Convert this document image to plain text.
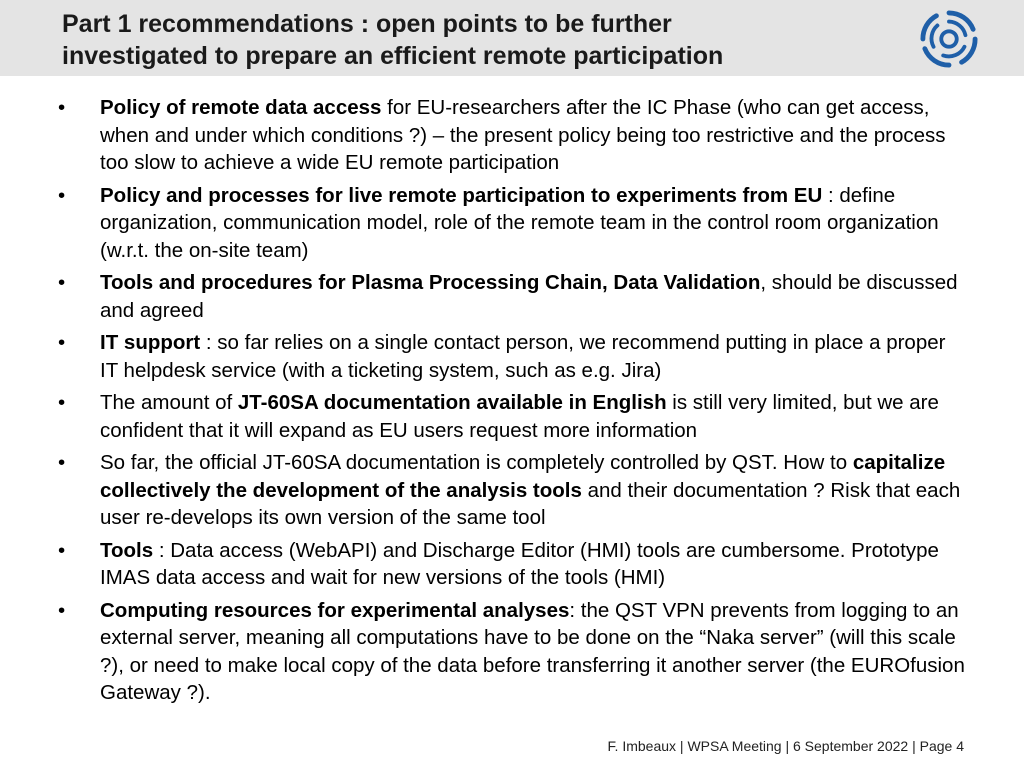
Part 1 recommendations : open points to be further
investigated to prepare an efficient remote participation
•	Policy of remote data access for EU-researchers after the IC Phase (who can get access, when and under which conditions ?) – the present policy being too restrictive and the process too slow to achieve a wide EU remote participation
•	Policy and processes for live remote participation to experiments from EU : define organization, communication model, role of the remote team in the control room organization (w.r.t. the on-site team)
•	Tools and procedures for Plasma Processing Chain, Data Validation, should be discussed and agreed
•	IT support : so far relies on a single contact person, we recommend putting in place a proper IT helpdesk service (with a ticketing system, such as e.g. Jira)
•	The amount of JT-60SA documentation available in English is still very limited, but we are confident that it will expand as EU users request more information
•	So far, the official JT-60SA documentation is completely controlled by QST. How to capitalize collectively the development of the analysis tools and their documentation ? Risk that each user re-develops its own version of the same tool
•	Tools : Data access (WebAPI) and Discharge Editor (HMI) tools are cumbersome. Prototype IMAS data access and wait for new versions of the tools (HMI)
•	Computing resources for experimental analyses: the QST VPN prevents from logging to an external server, meaning all computations have to be done on the “Naka server” (will this scale ?), or need to make local copy of the data before transferring it another server (the EUROfusion Gateway ?).
F. Imbeaux | WPSA Meeting | 6 September 2022 | Page 4
